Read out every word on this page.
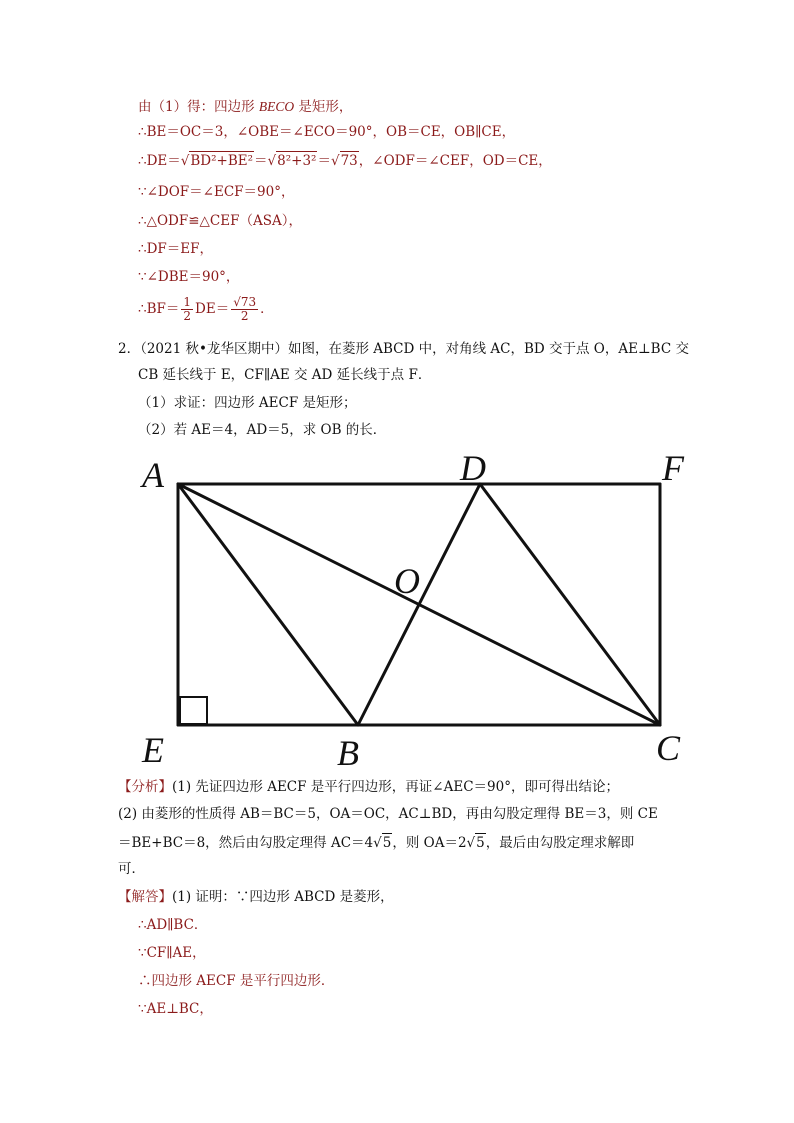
由（1）得：四边形 BECO 是矩形，
∴BE＝OC＝3，∠OBE＝∠ECO＝90°，OB＝CE，OB∥CE，
∴DE＝√BD²+BE²＝√8²+3²＝√73，∠ODF＝∠CEF，OD＝CE，
∵∠DOF＝∠ECF＝90°，
∴△ODF≌△CEF（ASA），
∴DF＝EF，
∵∠DBE＝90°，
∴BF＝ $\frac{1}{2} DE= \frac{√73}{2}$ ．
2．（2021 秋•龙华区期中）如图，在菱形 ABCD 中，对角线 AC，BD 交于点 O，AE⊥BC 交
CB 延长线于 E，CF∥AE 交 AD 延长线于点 F．
（1）求证：四边形 AECF 是矩形；
（2）若 AE＝4，AD＝5，求 OB 的长．
A	D	F
O
E	B	C
【分析】(1) 先证四边形 AECF 是平行四边形，再证∠AEC＝90°，即可得出结论；
(2) 由菱形的性质得 AB＝BC＝5，OA＝OC，AC⊥BD，再由勾股定理得 BE＝3，则 CE
＝BE+BC＝8，然后由勾股定理得 AC＝4√5，则 OA＝2√5，最后由勾股定理求解即
可．
【解答】(1) 证明：∵四边形 ABCD 是菱形，
∴AD∥BC．
∵CF∥AE，
∴四边形 AECF 是平行四边形．
∵AE⊥BC，
